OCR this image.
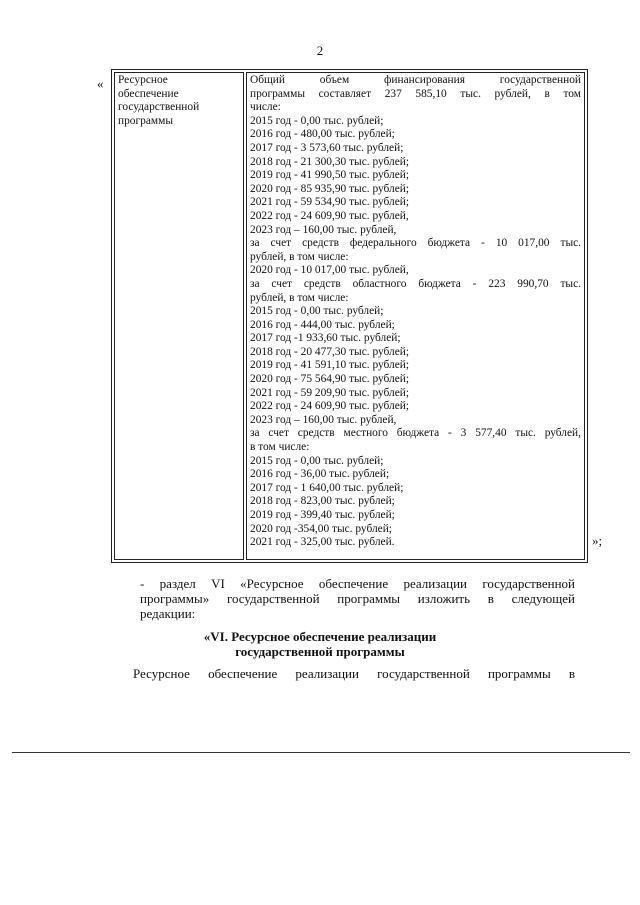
2
« Ресурсное
обеспечение
государственной
программы

Общий объем финансирования государственной
программы составляет 237 585,10 тыс. рублей, в том
числе:
2015 год - 0,00 тыс. рублей;
2016 год - 480,00 тыс. рублей;
2017 год - 3 573,60 тыс. рублей;
2018 год - 21 300,30 тыс. рублей;
2019 год - 41 990,50 тыс. рублей;
2020 год - 85 935,90 тыс. рублей;
2021 год - 59 534,90 тыс. рублей;
2022 год - 24 609,90 тыс. рублей,
2023 год – 160,00 тыс. рублей,
за счет средств федерального бюджета - 10 017,00 тыс.
рублей, в том числе:
2020 год - 10 017,00 тыс. рублей,
за счет средств областного бюджета - 223 990,70 тыс.
рублей, в том числе:
2015 год - 0,00 тыс. рублей;
2016 год - 444,00 тыс. рублей;
2017 год -1 933,60 тыс. рублей;
2018 год - 20 477,30 тыс. рублей;
2019 год - 41 591,10 тыс. рублей;
2020 год - 75 564,90 тыс. рублей;
2021 год - 59 209,90 тыс. рублей;
2022 год - 24 609,90 тыс. рублей;
2023 год – 160,00 тыс. рублей,
за счет средств местного бюджета - 3 577,40 тыс. рублей,
в том числе:
2015 год - 0,00 тыс. рублей;
2016 год - 36,00 тыс. рублей;
2017 год - 1 640,00 тыс. рублей;
2018 год - 823,00 тыс. рублей;
2019 год - 399,40 тыс. рублей;
2020 год -354,00 тыс. рублей;
2021 год - 325,00 тыс. рублей.	»;
- раздел VI «Ресурсное обеспечение реализации государственной
программы» государственной программы изложить в следующей
редакции:
«VI. Ресурсное обеспечение реализации
государственной программы
Ресурсное обеспечение реализации государственной программы в
